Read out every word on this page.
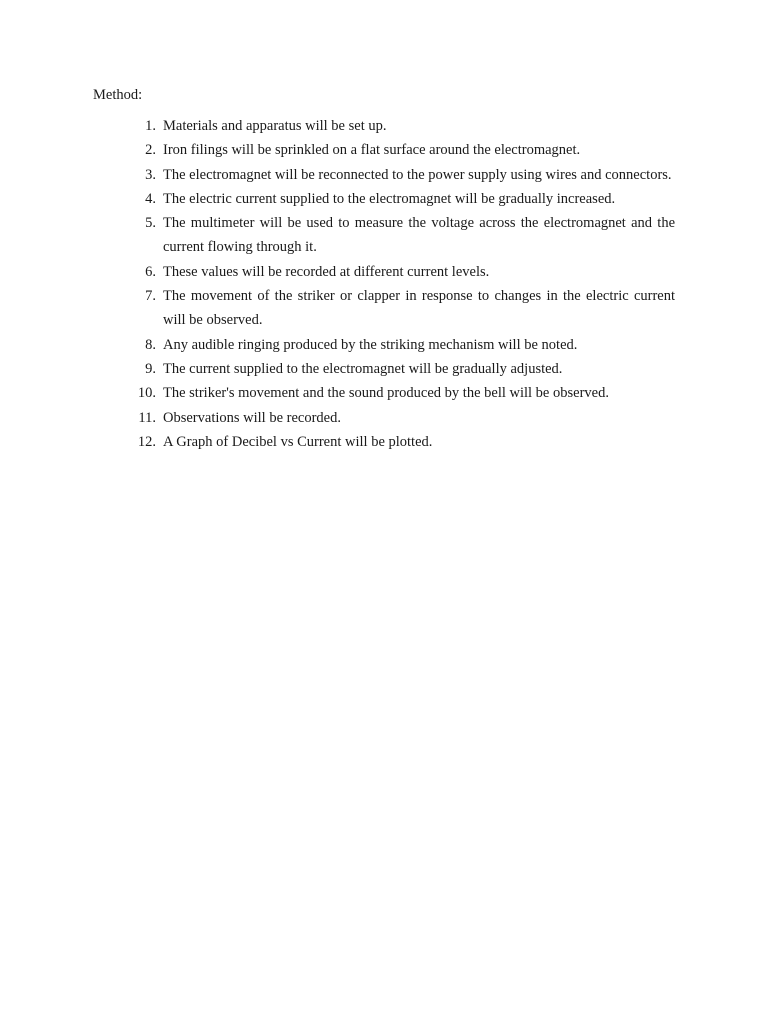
Method:
1. Materials and apparatus will be set up.
2. Iron filings will be sprinkled on a flat surface around the electromagnet.
3. The electromagnet will be reconnected to the power supply using wires and connectors.
4. The electric current supplied to the electromagnet will be gradually increased.
5. The multimeter will be used to measure the voltage across the electromagnet and the current flowing through it.
6. These values will be recorded at different current levels.
7. The movement of the striker or clapper in response to changes in the electric current will be observed.
8. Any audible ringing produced by the striking mechanism will be noted.
9. The current supplied to the electromagnet will be gradually adjusted.
10. The striker's movement and the sound produced by the bell will be observed.
11. Observations will be recorded.
12. A Graph of Decibel vs Current will be plotted.
